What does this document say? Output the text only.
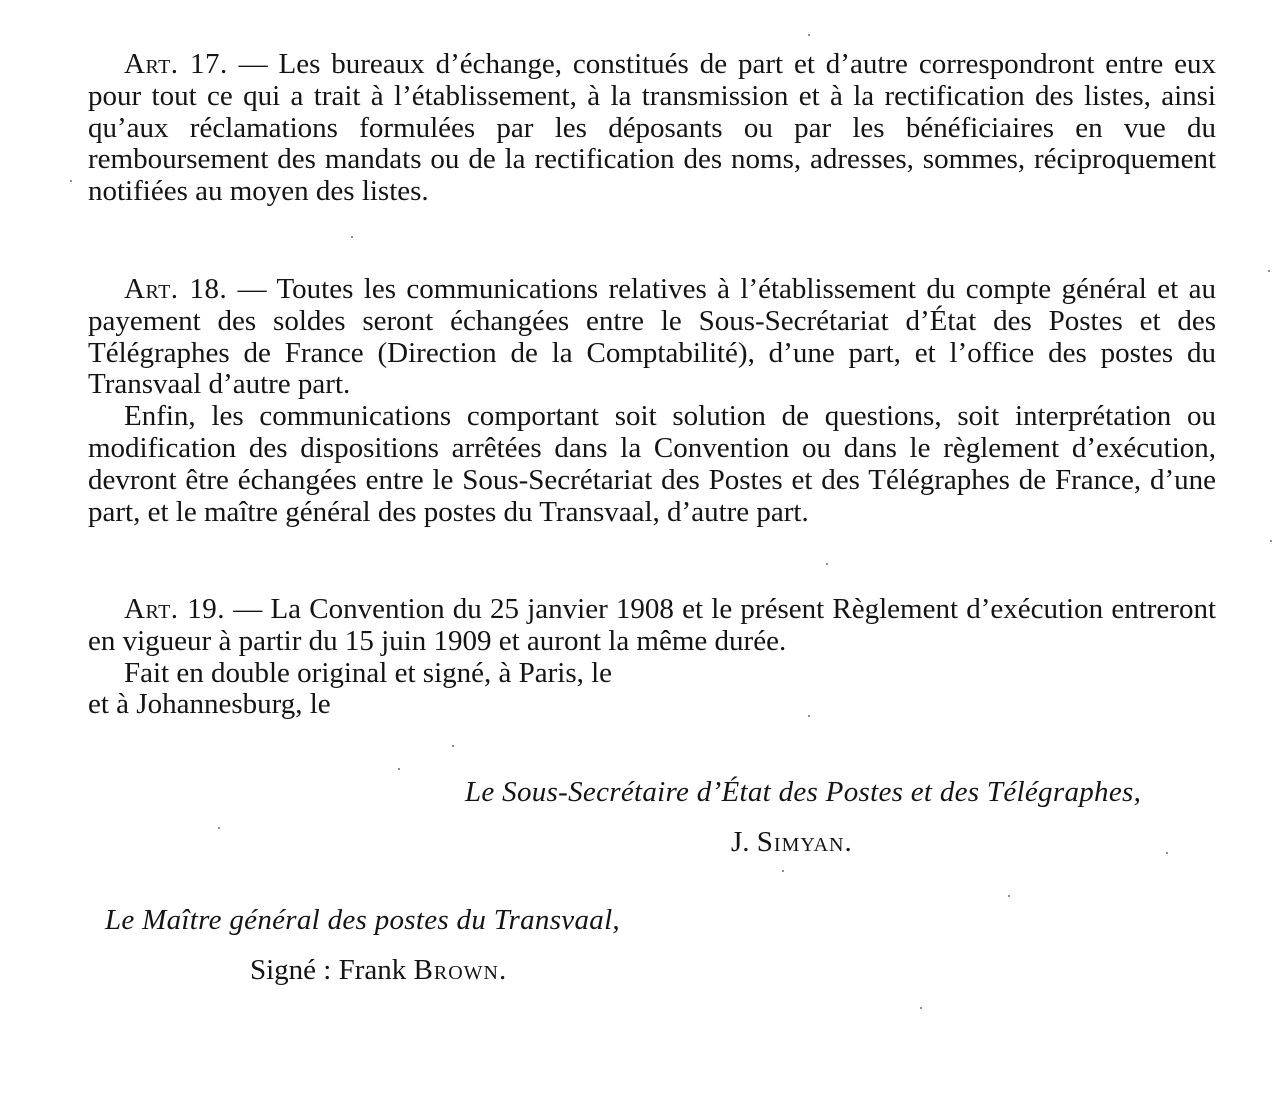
Art. 17. — Les bureaux d’échange, constitués de part et d’autre correspondront entre eux pour tout ce qui a trait à l’établissement, à la transmission et à la rectification des listes, ainsi qu’aux réclamations formulées par les déposants ou par les bénéficiaires en vue du remboursement des mandats ou de la rectification des noms, adresses, sommes, réciproquement notifiées au moyen des listes.

Art. 18. — Toutes les communications relatives à l’établissement du compte général et au payement des soldes seront échangées entre le Sous-Secrétariat d’État des Postes et des Télégraphes de France (Direction de la Comptabilité), d’une part, et l’office des postes du Transvaal d’autre part.

Enfin, les communications comportant soit solution de questions, soit interprétation ou modification des dispositions arrêtées dans la Convention ou dans le règlement d’exécution, devront être échangées entre le Sous-Secrétariat des Postes et des Télégraphes de France, d’une part, et le maître général des postes du Transvaal, d’autre part.

Art. 19. — La Convention du 25 janvier 1908 et le présent Règlement d’exécution entreront en vigueur à partir du 15 juin 1909 et auront la même durée.

Fait en double original et signé, à Paris, le

et à Johannesburg, le

Le Sous-Secrétaire d’État des Postes et des Télégraphes,
J. Simyan.
Le Maître général des postes du Transvaal,
Signé : Frank Brown.
